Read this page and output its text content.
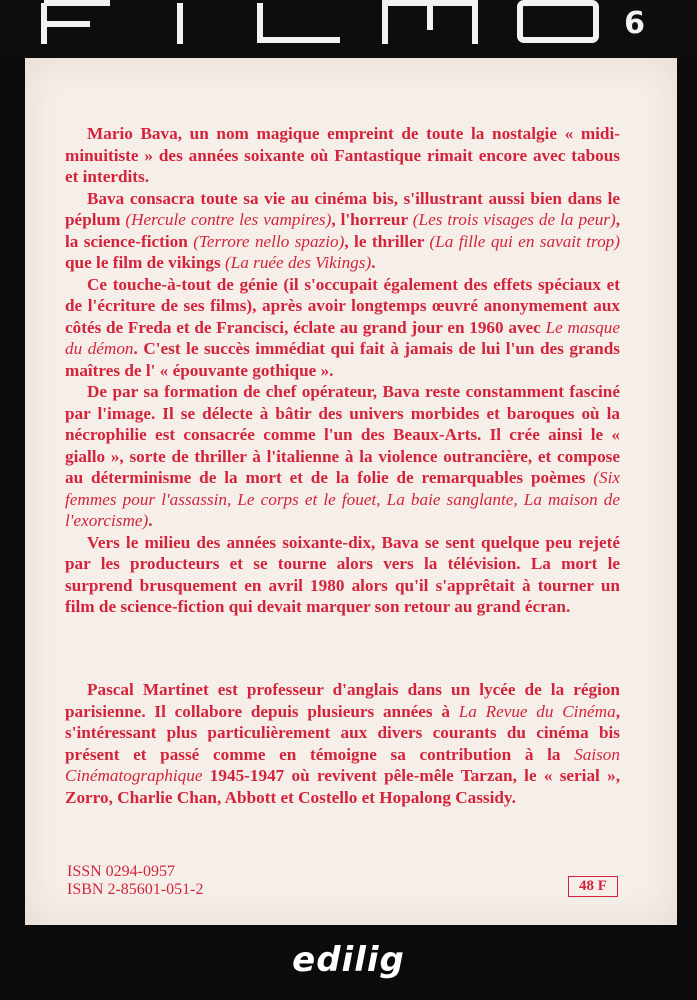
6

Mario Bava, un nom magique empreint de toute la nostalgie « midi-minuitiste » des années soixante où Fantastique rimait encore avec tabous et interdits.

Bava consacra toute sa vie au cinéma bis, s'illustrant aussi bien dans le péplum (Hercule contre les vampires), l'horreur (Les trois visages de la peur), la science-fiction (Terrore nello spazio), le thriller (La fille qui en savait trop) que le film de vikings (La ruée des Vikings).

Ce touche-à-tout de génie (il s'occupait également des effets spéciaux et de l'écriture de ses films), après avoir longtemps œuvré anonymement aux côtés de Freda et de Francisci, éclate au grand jour en 1960 avec Le masque du démon. C'est le succès immédiat qui fait à jamais de lui l'un des grands maîtres de l' « épouvante gothique ».

De par sa formation de chef opérateur, Bava reste constamment fasciné par l'image. Il se délecte à bâtir des univers morbides et baroques où la nécrophilie est consacrée comme l'un des Beaux-Arts. Il crée ainsi le « giallo », sorte de thriller à l'italienne à la violence outrancière, et compose au déterminisme de la mort et de la folie de remarquables poèmes (Six femmes pour l'assassin, Le corps et le fouet, La baie sanglante, La maison de l'exorcisme).

Vers le milieu des années soixante-dix, Bava se sent quelque peu rejeté par les producteurs et se tourne alors vers la télévision. La mort le surprend brusquement en avril 1980 alors qu'il s'apprêtait à tourner un film de science-fiction qui devait marquer son retour au grand écran.

Pascal Martinet est professeur d'anglais dans un lycée de la région parisienne. Il collabore depuis plusieurs années à La Revue du Cinéma, s'intéressant plus particulièrement aux divers courants du cinéma bis présent et passé comme en témoigne sa contribution à la Saison Cinématographique 1945-1947 où revivent pêle-mêle Tarzan, le « serial », Zorro, Charlie Chan, Abbott et Costello et Hopalong Cassidy.

ISSN 0294-0957
ISBN 2-85601-051-2	48 F
edilig
